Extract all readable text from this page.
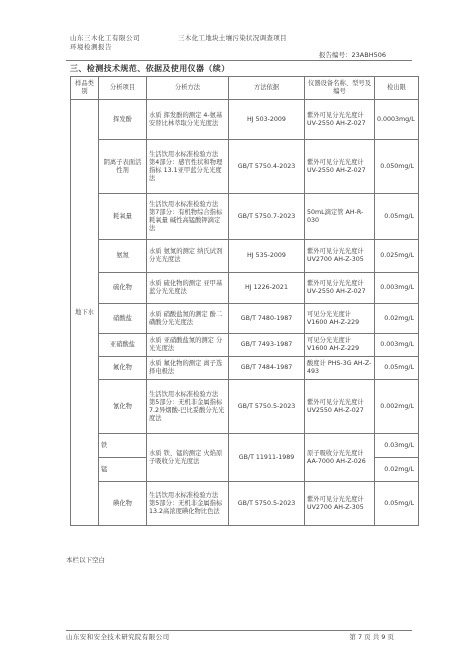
山东三木化工有限公司	三木化工地块土壤污染状况调查项目
环境检测报告
报告编号：23ABH506
三、检测技术规范、依据及使用仪器（续）
样品类别	分析项目	分析方法	方法依据	仪器设备名称、型号及编号	检出限
地下水	挥发酚	水质 挥发酚的测定 4-氨基安替比林萃取分光光度法	HJ 503-2009	紫外可见分光光度计 UV-2550 AH-Z-027	0.0003mg/L
	阴离子表面活性剂	生活饮用水标准检验方法 第4部分：感官性状和物理指标 13.1亚甲蓝分光光度法	GB/T 5750.4-2023	紫外可见分光光度计 UV-2550 AH-Z-027	0.050mg/L
	耗氧量	生活饮用水标准检验方法 第7部分：有机物综合指标 耗氧量 碱性高锰酸钾滴定法	GB/T 5750.7-2023	50mL滴定管 AH-R-030	0.05mg/L
	氨氮	水质 氨氮的测定 纳氏试剂分光光度法	HJ 535-2009	紫外可见分光光度计 UV2700 AH-Z-305	0.025mg/L
	硫化物	水质 硫化物的测定 亚甲基蓝分光光度法	HJ 1226-2021	紫外可见分光光度计 UV-2550 AH-Z-027	0.003mg/L
	硝酸盐	水质 硝酸盐氮的测定 酚二磺酸分光光度法	GB/T 7480-1987	可见分光光度计 V1600 AH-Z-229	0.02mg/L
	亚硝酸盐	水质 亚硝酸盐氮的测定 分光光度法	GB/T 7493-1987	可见分光光度计 V1600 AH-Z-229	0.003mg/L
	氟化物	水质 氟化物的测定 离子选择电极法	GB/T 7484-1987	酸度计 PHS-3G AH-Z-493	0.05mg/L
	氰化物	生活饮用水标准检验方法 第5部分：无机非金属指标 7.2异烟酸-巴比妥酸分光光度法	GB/T 5750.5-2023	紫外可见分光光度计 UV2550 AH-Z-027	0.002mg/L
	铁	水质 铁、锰的测定 火焰原子吸收分光光度法	GB/T 11911-1989	原子吸收分光光度计 AA-7000 AH-Z-026	0.03mg/L
	锰				0.02mg/L
	碘化物	生活饮用水标准检验方法 第5部分：无机非金属指标 13.2高浓度碘化物比色法	GB/T 5750.5-2023	紫外可见分光光度计 UV2700 AH-Z-305	0.05mg/L
本栏以下空白
山东安和安全技术研究院有限公司	第 7 页 共 9 页
